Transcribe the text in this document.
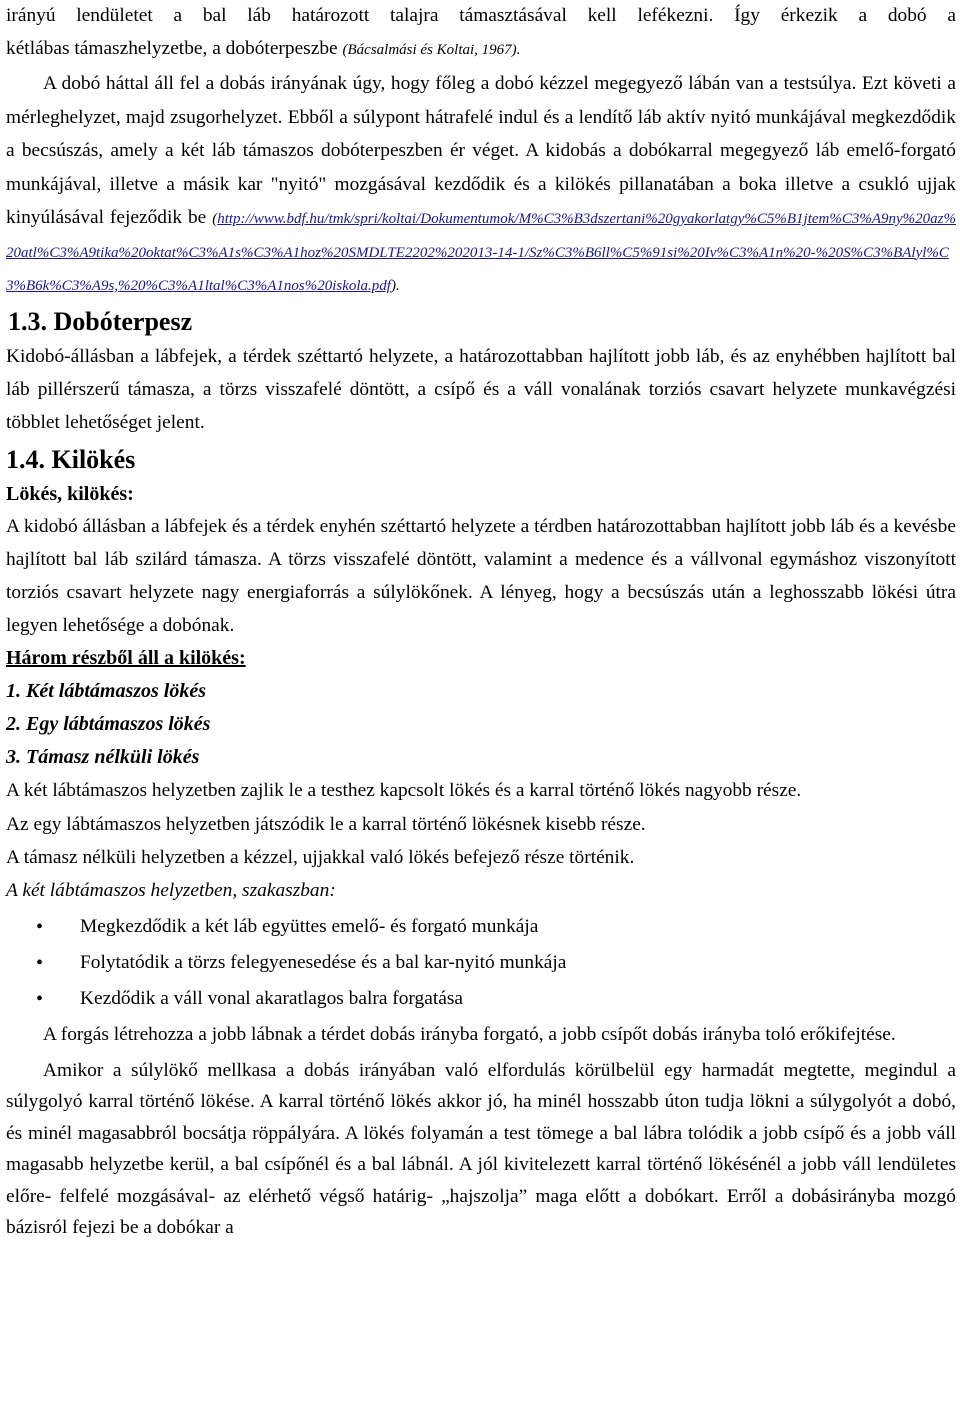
irányú lendületet a bal láb határozott talajra támasztásával kell lefékezni. Így érkezik a dobó a
kétlábas támaszhelyzetbe, a dobóterpeszbe (Bácsalmási és Koltai, 1967).
A dobó háttal áll fel a dobás irányának úgy, hogy főleg a dobó kézzel megegyező lábán van a testsúlya. Ezt követi a mérleghelyzet, majd zsugorhelyzet. Ebből a súlypont hátrafelé indul és a lendítő láb aktív nyitó munkájával megkezdődik a becsúszás, amely a két láb támaszos dobóterpeszben ér véget. A kidobás a dobókarral megegyező láb emelő-forgató munkájával, illetve a másik kar "nyitó" mozgásával kezdődik és a kilökés pillanatában a boka illetve a csukló ujjak kinyúlásával fejeződik be (http://www.bdf.hu/tmk/spri/koltai/Dokumentumok/M%C3%B3dszertani%20gyakorlatgy%C5%B1jtem%C3%A9ny%20az%20atl%C3%A9tika%20oktat%C3%A1s%C3%A1hoz%20SMDLTE2202%202013-14-1/Sz%C3%B6ll%C5%91si%20Iv%C3%A1n%20-%20S%C3%BAlyl%C3%B6k%C3%A9s,%20%C3%A1ltal%C3%A1nos%20iskola.pdf).
1.3. Dobóterpesz

Kidobó-állásban a lábfejek, a térdek széttartó helyzete, a határozottabban hajlított jobb láb, és az enyhébben hajlított bal láb pillérszerű támasza, a törzs visszafelé döntött, a csípő és a váll vonalának torziós csavart helyzete munkavégzési többlet lehetőséget jelent.

1.4. Kilökés
Lökés, kilökés:

A kidobó állásban a lábfejek és a térdek enyhén széttartó helyzete a térdben határozottabban hajlított jobb láb és a kevésbe hajlított bal láb szilárd támasza. A törzs visszafelé döntött, valamint a medence és a vállvonal egymáshoz viszonyított torziós csavart helyzete nagy energiaforrás a súlylökőnek. A lényeg, hogy a becsúszás után a leghosszabb lökési útra legyen lehetősége a dobónak.

Három részből áll a kilökés:
1. Két lábtámaszos lökés
2. Egy lábtámaszos lökés
3. Támasz nélküli lökés

A két lábtámaszos helyzetben zajlik le a testhez kapcsolt lökés és a karral történő lökés nagyobb része.

Az egy lábtámaszos helyzetben játszódik le a karral történő lökésnek kisebb része.

A támasz nélküli helyzetben a kézzel, ujjakkal való lökés befejező része történik.

A két lábtámaszos helyzetben, szakaszban:

• Megkezdődik a két láb együttes emelő- és forgató munkája
• Folytatódik a törzs felegyenesedése és a bal kar-nyitó munkája
• Kezdődik a váll vonal akaratlagos balra forgatása

A forgás létrehozza a jobb lábnak a térdet dobás irányba forgató, a jobb csípőt dobás irányba toló erőkifejtése.

Amikor a súlylökő mellkasa a dobás irányában való elfordulás körülbelül egy harmadát megtette, megindul a súlygolyó karral történő lökése. A karral történő lökés akkor jó, ha minél hosszabb úton tudja lökni a súlygolyót a dobó, és minél magasabbról bocsátja röppályára. A lökés folyamán a test tömege a bal lábra tolódik a jobb csípő és a jobb váll magasabb helyzetbe kerül, a bal csípőnél és a bal lábnál. A jól kivitelezett karral történő lökésénél a jobb váll lendületes előre- felfelé mozgásával- az elérhető végső határig- „hajszolja” maga előtt a dobókart. Erről a dobásirányba mozgó bázisról fejezi be a dobókar a
